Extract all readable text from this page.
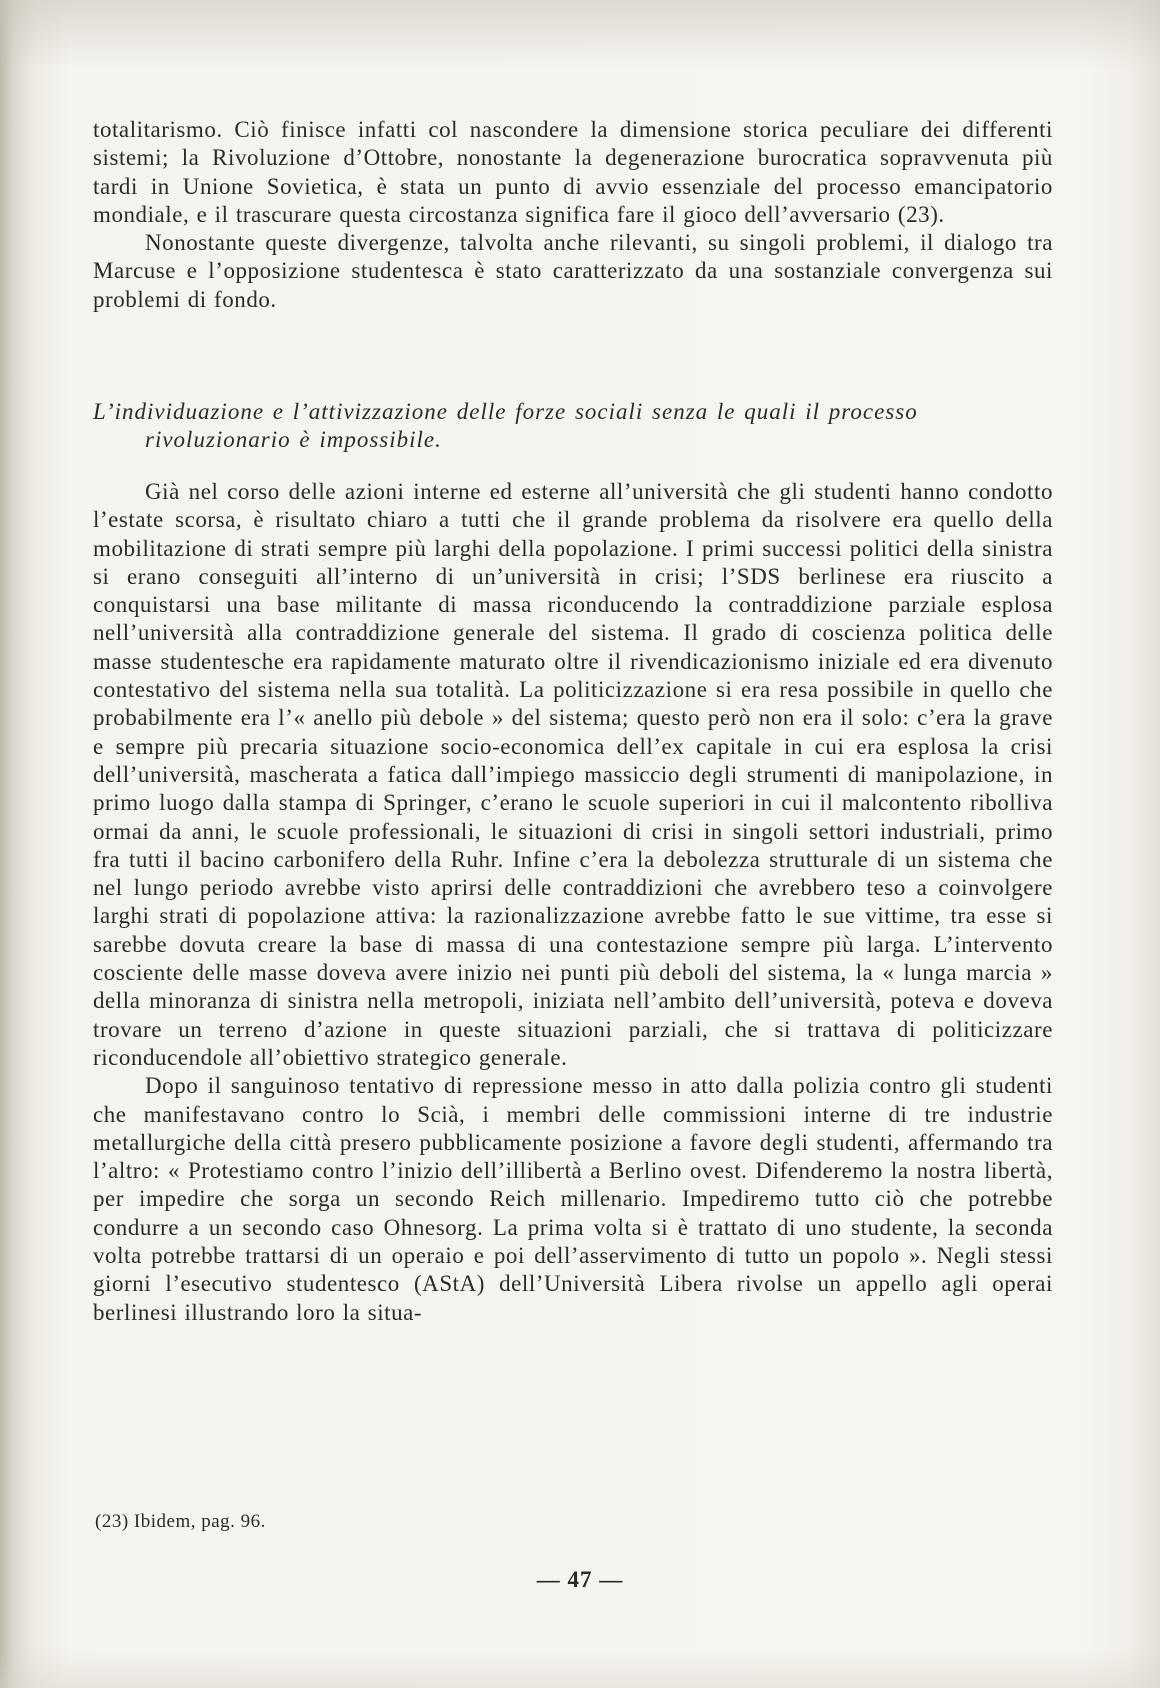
totalitarismo. Ciò finisce infatti col nascondere la dimensione storica peculiare dei differenti sistemi; la Rivoluzione d’Ottobre, nonostante la degenerazione burocratica sopravvenuta più tardi in Unione Sovietica, è stata un punto di avvio essenziale del processo emancipatorio mondiale, e il trascurare questa circostanza significa fare il gioco dell’avversario (23).

Nonostante queste divergenze, talvolta anche rilevanti, su singoli problemi, il dialogo tra Marcuse e l’opposizione studentesca è stato caratterizzato da una sostanziale convergenza sui problemi di fondo.

L’individuazione e l’attivizzazione delle forze sociali senza le quali il processo
rivoluzionario è impossibile.

Già nel corso delle azioni interne ed esterne all’università che gli studenti hanno condotto l’estate scorsa, è risultato chiaro a tutti che il grande problema da risolvere era quello della mobilitazione di strati sempre più larghi della popolazione. I primi successi politici della sinistra si erano conseguiti all’interno di un’università in crisi; l’SDS berlinese era riuscito a conquistarsi una base militante di massa riconducendo la contraddizione parziale esplosa nell’università alla contraddizione generale del sistema. Il grado di coscienza politica delle masse studentesche era rapidamente maturato oltre il rivendicazionismo iniziale ed era divenuto contestativo del sistema nella sua totalità. La politicizzazione si era resa possibile in quello che probabilmente era l’« anello più debole » del sistema; questo però non era il solo: c’era la grave e sempre più precaria situazione socio-economica dell’ex capitale in cui era esplosa la crisi dell’università, mascherata a fatica dall’impiego massiccio degli strumenti di manipolazione, in primo luogo dalla stampa di Springer, c’erano le scuole superiori in cui il malcontento ribolliva ormai da anni, le scuole professionali, le situazioni di crisi in singoli settori industriali, primo fra tutti il bacino carbonifero della Ruhr. Infine c’era la debolezza strutturale di un sistema che nel lungo periodo avrebbe visto aprirsi delle contraddizioni che avrebbero teso a coinvolgere larghi strati di popolazione attiva: la razionalizzazione avrebbe fatto le sue vittime, tra esse si sarebbe dovuta creare la base di massa di una contestazione sempre più larga. L’intervento cosciente delle masse doveva avere inizio nei punti più deboli del sistema, la « lunga marcia » della minoranza di sinistra nella metropoli, iniziata nell’ambito dell’università, poteva e doveva trovare un terreno d’azione in queste situazioni parziali, che si trattava di politicizzare riconducendole all’obiettivo strategico generale.

Dopo il sanguinoso tentativo di repressione messo in atto dalla polizia contro gli studenti che manifestavano contro lo Scià, i membri delle commissioni interne di tre industrie metallurgiche della città presero pubblicamente posizione a favore degli studenti, affermando tra l’altro: « Protestiamo contro l’inizio dell’illibertà a Berlino ovest. Difenderemo la nostra libertà, per impedire che sorga un secondo Reich millenario. Impediremo tutto ciò che potrebbe condurre a un secondo caso Ohnesorg. La prima volta si è trattato di uno studente, la seconda volta potrebbe trattarsi di un operaio e poi dell’asservimento di tutto un popolo ». Negli stessi giorni l’esecutivo studentesco (AStA) dell’Università Libera rivolse un appello agli operai berlinesi illustrando loro la situa-

(23) Ibidem, pag. 96.
— 47 —
